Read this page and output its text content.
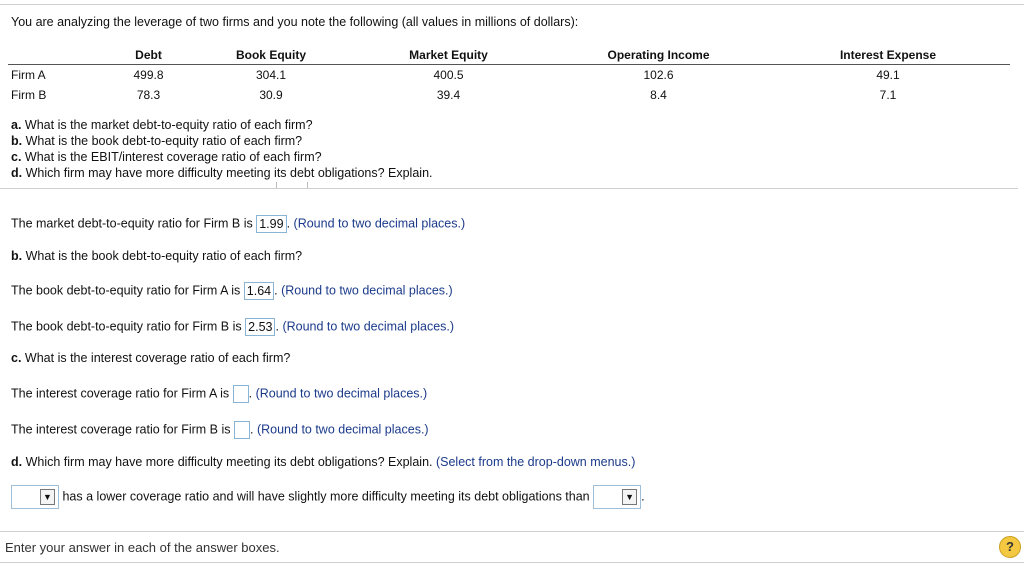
You are analyzing the leverage of two firms and you note the following (all values in millions of dollars):
	Debt	Book Equity	Market Equity	Operating Income	Interest Expense
Firm A	499.8	304.1	400.5	102.6	49.1
Firm B	78.3	30.9	39.4	8.4	7.1
a. What is the market debt-to-equity ratio of each firm?
b. What is the book debt-to-equity ratio of each firm?
c. What is the EBIT/interest coverage ratio of each firm?
d. Which firm may have more difficulty meeting its debt obligations? Explain.
The market debt-to-equity ratio for Firm B is 1.99 . (Round to two decimal places.)
b. What is the book debt-to-equity ratio of each firm?
The book debt-to-equity ratio for Firm A is 1.64 . (Round to two decimal places.)
The book debt-to-equity ratio for Firm B is 2.53 . (Round to two decimal places.)
c. What is the interest coverage ratio of each firm?
The interest coverage ratio for Firm A is . (Round to two decimal places.)
The interest coverage ratio for Firm B is . (Round to two decimal places.)
d. Which firm may have more difficulty meeting its debt obligations? Explain. (Select from the drop-down menus.)
▼ has a lower coverage ratio and will have slightly more difficulty meeting its debt obligations than	▼ .
Enter your answer in each of the answer boxes.	?
